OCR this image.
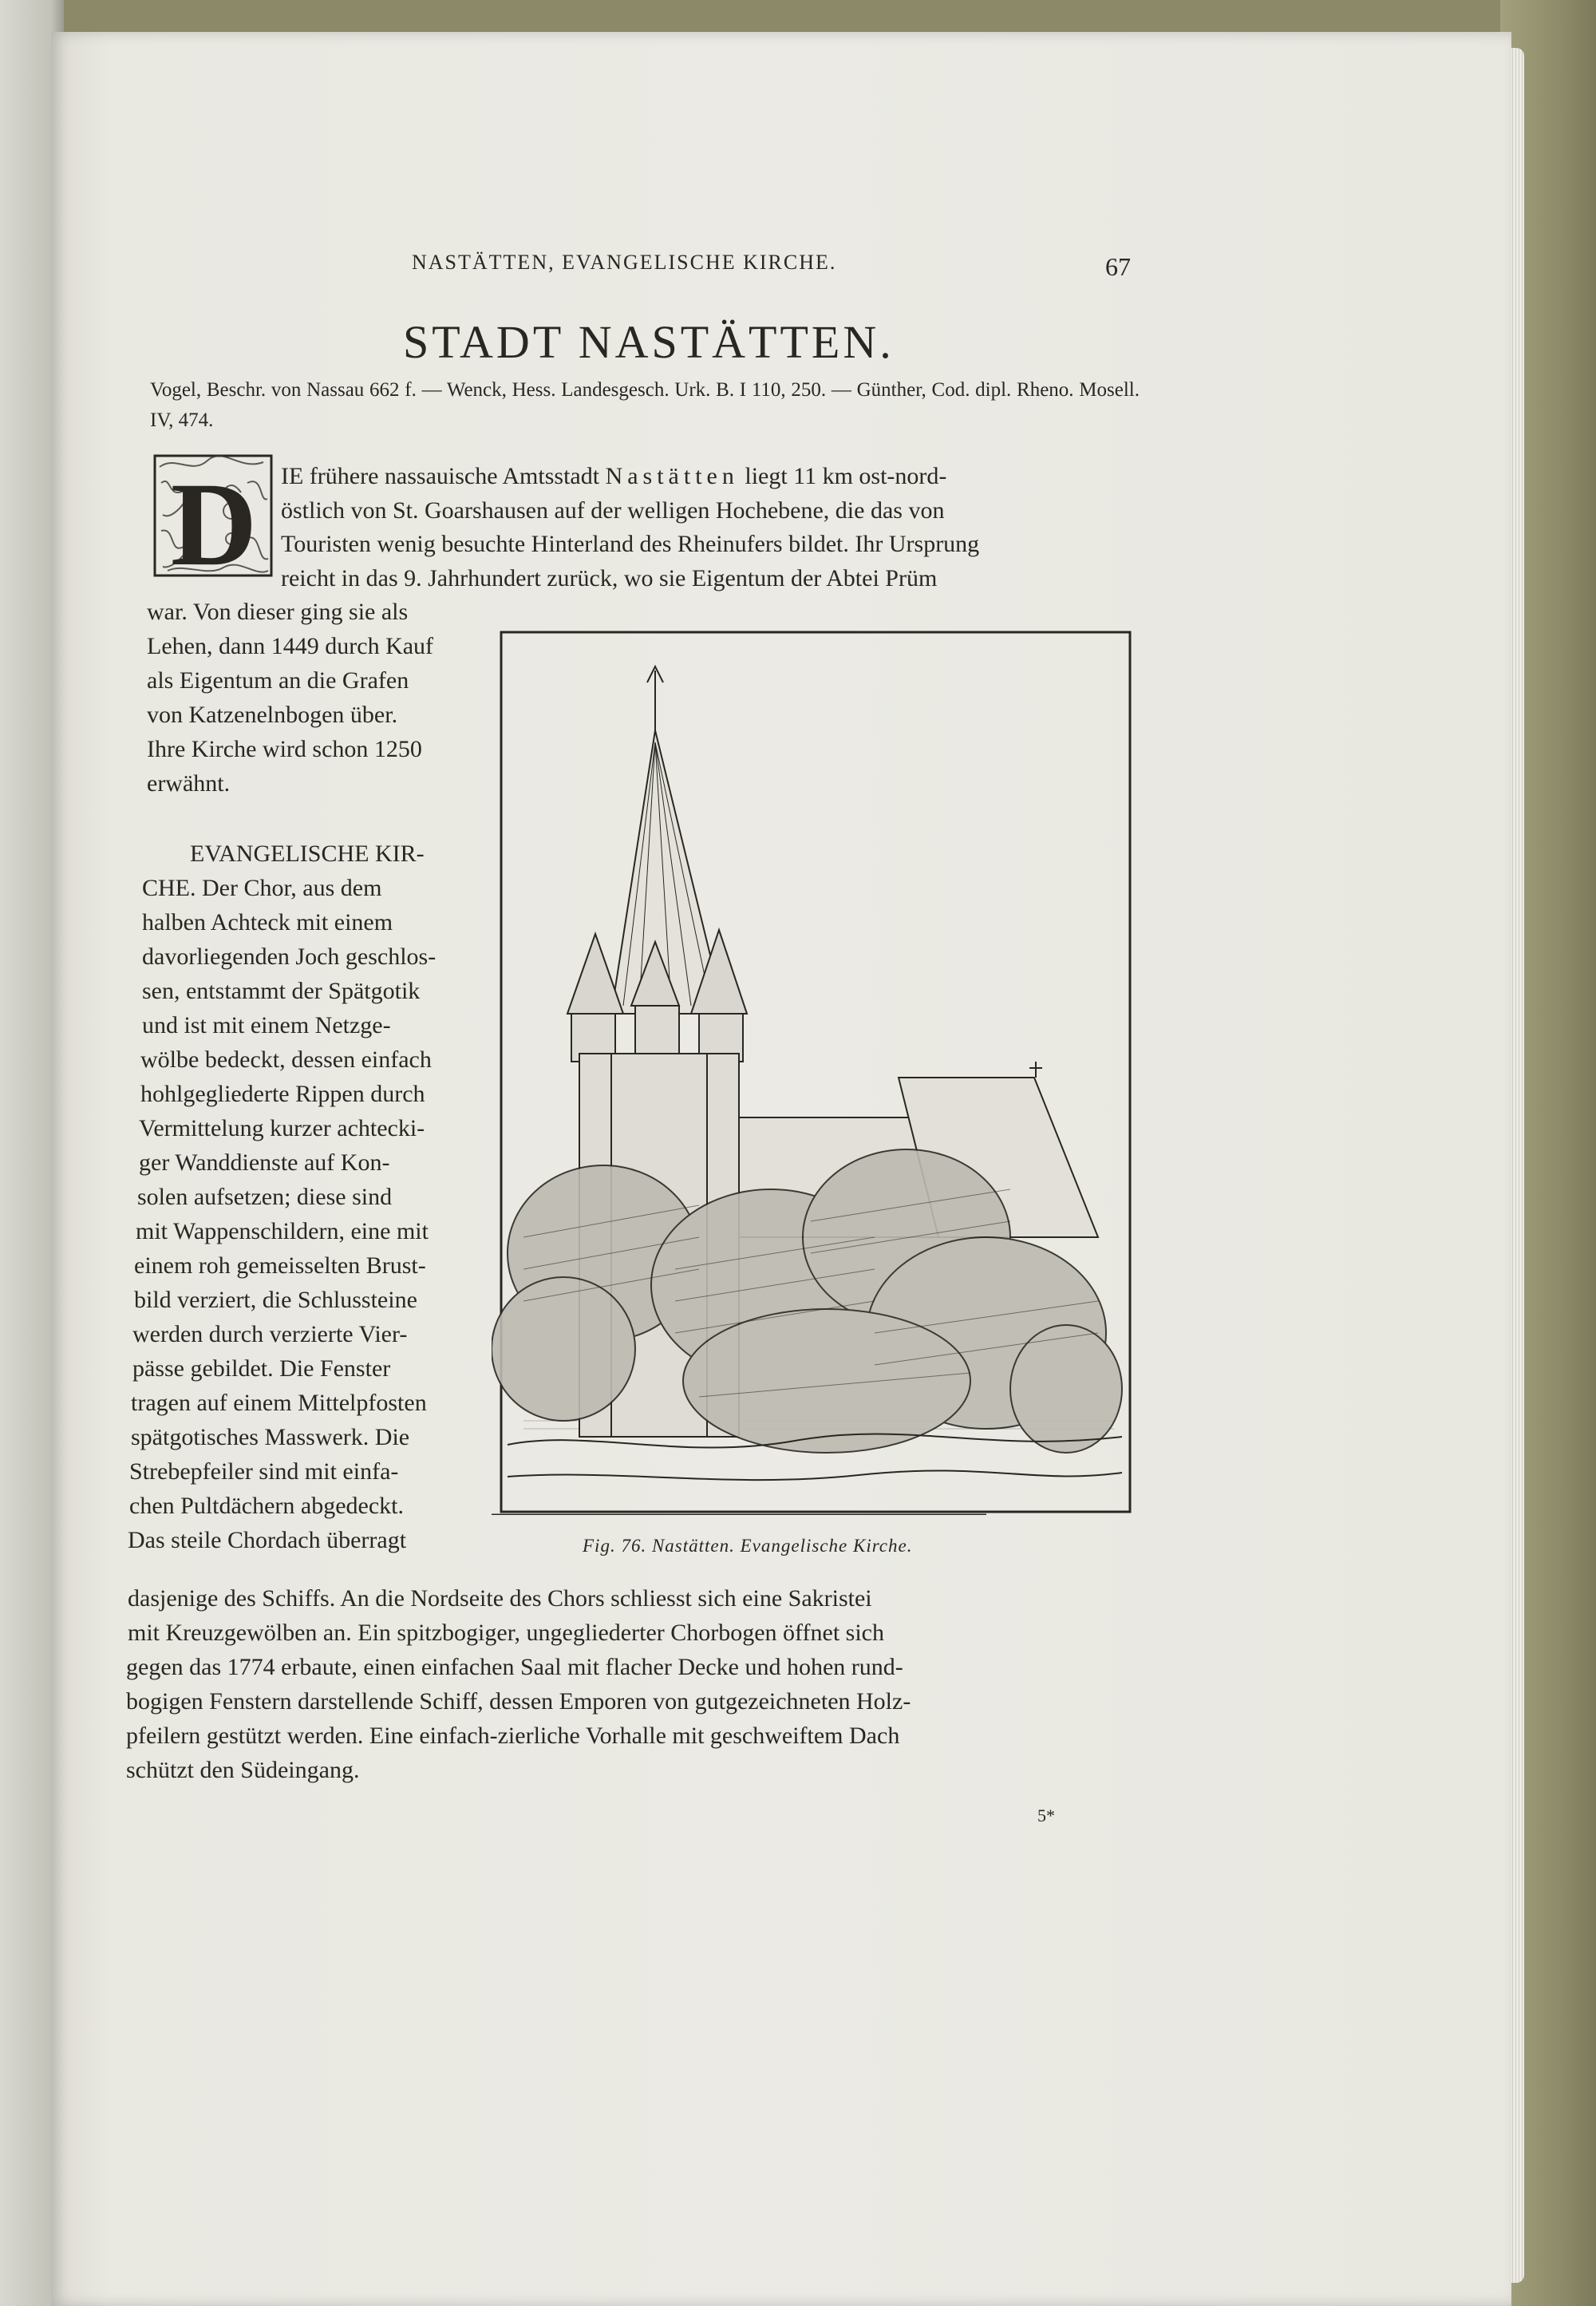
NASTÄTTEN, EVANGELISCHE KIRCHE.	67
STADT NASTÄTTEN.
Vogel, Beschr. von Nassau 662 f. — Wenck, Hess. Landesgesch. Urk. B. I 110, 250. — Günther, Cod. dipl. Rheno. Mosell. IV, 474.
D IE frühere nassauische Amtsstadt Nastätten liegt 11 km ost-nord-
östlich von St. Goarshausen auf der welligen Hochebene, die das von
Touristen wenig besuchte Hinterland des Rheinufers bildet. Ihr Ursprung
reicht in das 9. Jahrhundert zurück, wo sie Eigentum der Abtei Prüm
war. Von dieser ging sie als
Lehen, dann 1449 durch Kauf
als Eigentum an die Grafen
von Katzenelnbogen über.
Ihre Kirche wird schon 1250
erwähnt.
EVANGELISCHE KIR-
CHE. Der Chor, aus dem
halben Achteck mit einem
davorliegenden Joch geschlos-
sen, entstammt der Spätgotik
und ist mit einem Netzge-
wölbe bedeckt, dessen einfach
hohlgegliederte Rippen durch
Vermittelung kurzer achtecki-
ger Wanddienste auf Kon-
solen aufsetzen; diese sind
mit Wappenschildern, eine mit
einem roh gemeisselten Brust-
bild verziert, die Schlussteine
werden durch verzierte Vier-
pässe gebildet. Die Fenster
tragen auf einem Mittelpfosten
spätgotisches Masswerk. Die
Strebepfeiler sind mit einfa-
chen Pultdächern abgedeckt.
Das steile Chordach überragt
dasjenige des Schiffs. An die Nordseite des Chors schliesst sich eine Sakristei
mit Kreuzgewölben an. Ein spitzbogiger, ungegliederter Chorbogen öffnet sich
gegen das 1774 erbaute, einen einfachen Saal mit flacher Decke und hohen rund-
bogigen Fenstern darstellende Schiff, dessen Emporen von gutgezeichneten Holz-
pfeilern gestützt werden. Eine einfach-zierliche Vorhalle mit geschweiftem Dach
schützt den Südeingang.
Fig. 76. Nastätten. Evangelische Kirche.
5*
